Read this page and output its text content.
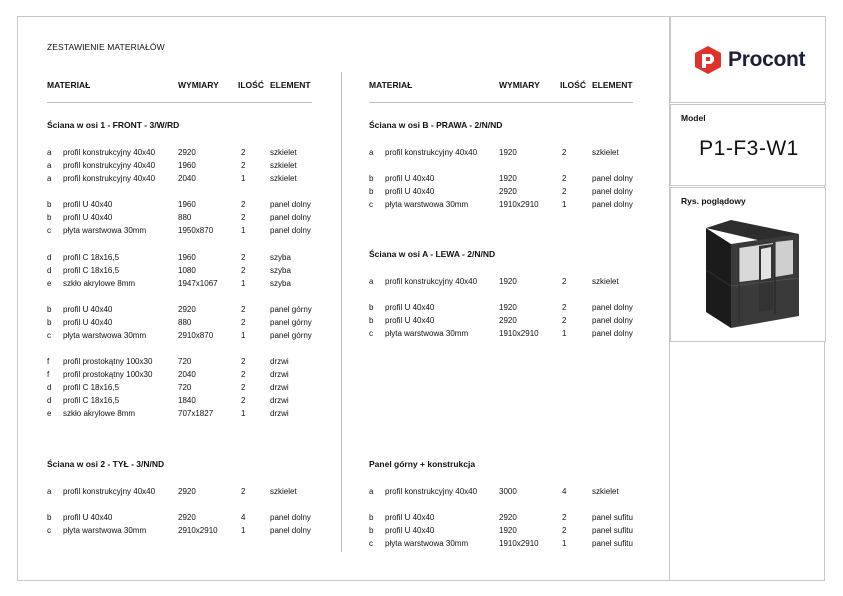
ZESTAWIENIE MATERIAŁÓW
MATERIAŁ	WYMIARY ILOŚĆ ELEMENT	MATERIAŁ	WYMIARY ILOŚĆ ELEMENT
Ściana w osi 1 - FRONT - 3/W/RD
Ściana w osi 2 - TYŁ - 3/N/ND
Ściana w osi B - PRAWA - 2/N/ND
Ściana w osi A - LEWA - 2/N/ND
Panel górny + konstrukcja
a profil konstrukcyjny 40x40	2920	2	szkielet
a profil konstrukcyjny 40x40	1960	2	szkielet
a profil konstrukcyjny 40x40	2040	1	szkielet
b profil U 40x40	1960	2	panel dolny
b profil U 40x40	880	2	panel dolny
c płyta warstwowa 30mm	1950x870	1	panel dolny
d profil C 18x16,5	1960	2	szyba
d profil C 18x16,5	1080	2	szyba
e szkło akrylowe 8mm	1947x1067	1	szyba
b profil U 40x40	2920	2	panel górny
b profil U 40x40	880	2	panel górny
c płyta warstwowa 30mm	2910x870	1	panel górny
f profil prostokątny 100x30	720	2	drzwi
f profil prostokątny 100x30	2040	2	drzwi
d profil C 18x16,5	720	2	drzwi
d profil C 18x16,5	1840	2	drzwi
e szkło akrylowe 8mm	707x1827	1	drzwi
a profil konstrukcyjny 40x40	2920	2	szkielet
b profil U 40x40	2920	4	panel dolny
c płyta warstwowa 30mm	2910x2910	1	panel dolny
a profil konstrukcyjny 40x40	1920	2	szkielet
b profil U 40x40	1920	2	panel dolny
b profil U 40x40	2920	2	panel dolny
c płyta warstwowa 30mm	1910x2910	1	panel dolny
a profil konstrukcyjny 40x40	1920	2	szkielet
b profil U 40x40	1920	2	panel dolny
b profil U 40x40	2920	2	panel dolny
c płyta warstwowa 30mm	1910x2910	1	panel dolny
a profil konstrukcyjny 40x40	3000	4	szkielet
b profil U 40x40	2920	2	panel sufitu
b profil U 40x40	1920	2	panel sufitu
c płyta warstwowa 30mm	1910x2910	1	panel sufitu
Procont
Model
P1-F3-W1
Rys. poglądowy
